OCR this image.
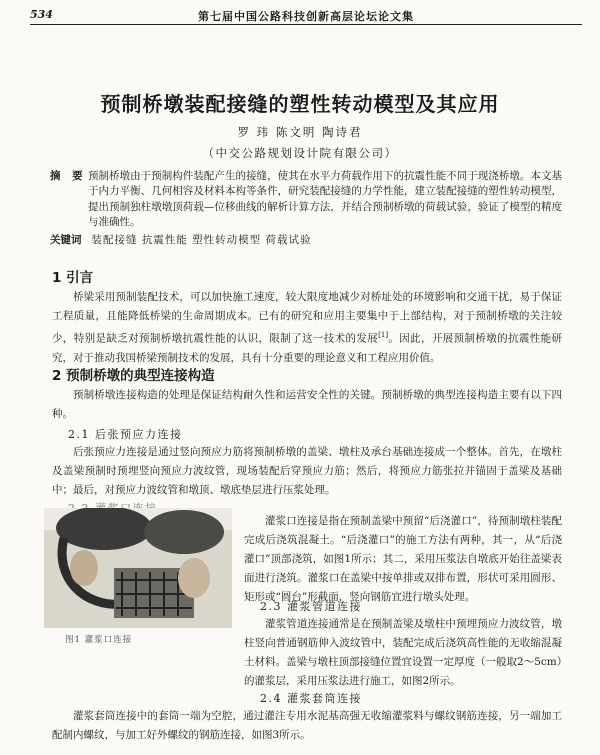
534	第七届中国公路科技创新高层论坛论文集
预制桥墩装配接缝的塑性转动模型及其应用
罗 玮 陈文明 陶诗君
（中交公路规划设计院有限公司）
摘 要 预制桥墩由于预制构件装配产生的接缝，使其在水平力荷载作用下的抗震性能不同于现浇桥墩。本文基于内力平衡、几何相容及材料本构等条件，研究装配接缝的力学性能，建立装配接缝的塑性转动模型，提出预制独柱墩墩顶荷载—位移曲线的解析计算方法，并结合预制桥墩的荷载试验，验证了模型的精度与准确性。
关键词 装配接缝 抗震性能 塑性转动模型 荷载试验
1 引言
桥梁采用预制装配技术，可以加快施工速度，较大限度地减少对桥址处的环境影响和交通干扰，易于保证工程质量，且能降低桥梁的生命周期成本。已有的研究和应用主要集中于上部结构，对于预制桥墩的关注较少，特别是缺乏对预制桥墩抗震性能的认识，限制了这一技术的发展[1]。因此，开展预制桥墩的抗震性能研究，对于推动我国桥梁预制技术的发展，具有十分重要的理论意义和工程应用价值。
2 预制桥墩的典型连接构造
预制桥墩连接构造的处理是保证结构耐久性和运营安全性的关键。预制桥墩的典型连接构造主要有以下四种。
2.1 后张预应力连接
后张预应力连接是通过竖向预应力筋将预制桥墩的盖梁、墩柱及承台基础连接成一个整体。首先，在墩柱及盖梁预制时预埋竖向预应力波纹管，现场装配后穿预应力筋；然后，将预应力筋张拉并锚固于盖梁及基础中；最后，对预应力波纹管和墩顶、墩底垫层进行压浆处理。
图1 灌浆口连接
灌浆口连接是指在预制盖梁中预留“后浇灌口”，待预制墩柱装配完成后浇筑混凝土。“后浇灌口”的施工方法有两种，其一，从“后浇灌口”顶部浇筑，如图1所示；其二，采用压浆法自墩底开始往盖梁表面进行浇筑。灌浆口在盖梁中按单排或双排布置，形状可采用圆形、矩形或“圆台”形截面，竖向钢筋宜进行墩头处理。
2.3 灌浆管道连接
灌浆管道连接通常是在预制盖梁及墩柱中预埋预应力波纹管，墩柱竖向普通钢筋伸入波纹管中，装配完成后浇筑高性能的无收缩混凝土材料。盖梁与墩柱顶部接缝位置宜设置一定厚度（一般取2～5cm）的灌浆层，采用压浆法进行施工，如图2所示。
2.4 灌浆套筒连接
灌浆套筒连接中的套筒一端为空腔，通过灌注专用水泥基高强无收缩灌浆料与螺纹钢筋连接，另一端加工配制内螺纹，与加工好外螺纹的钢筋连接，如图3所示。
